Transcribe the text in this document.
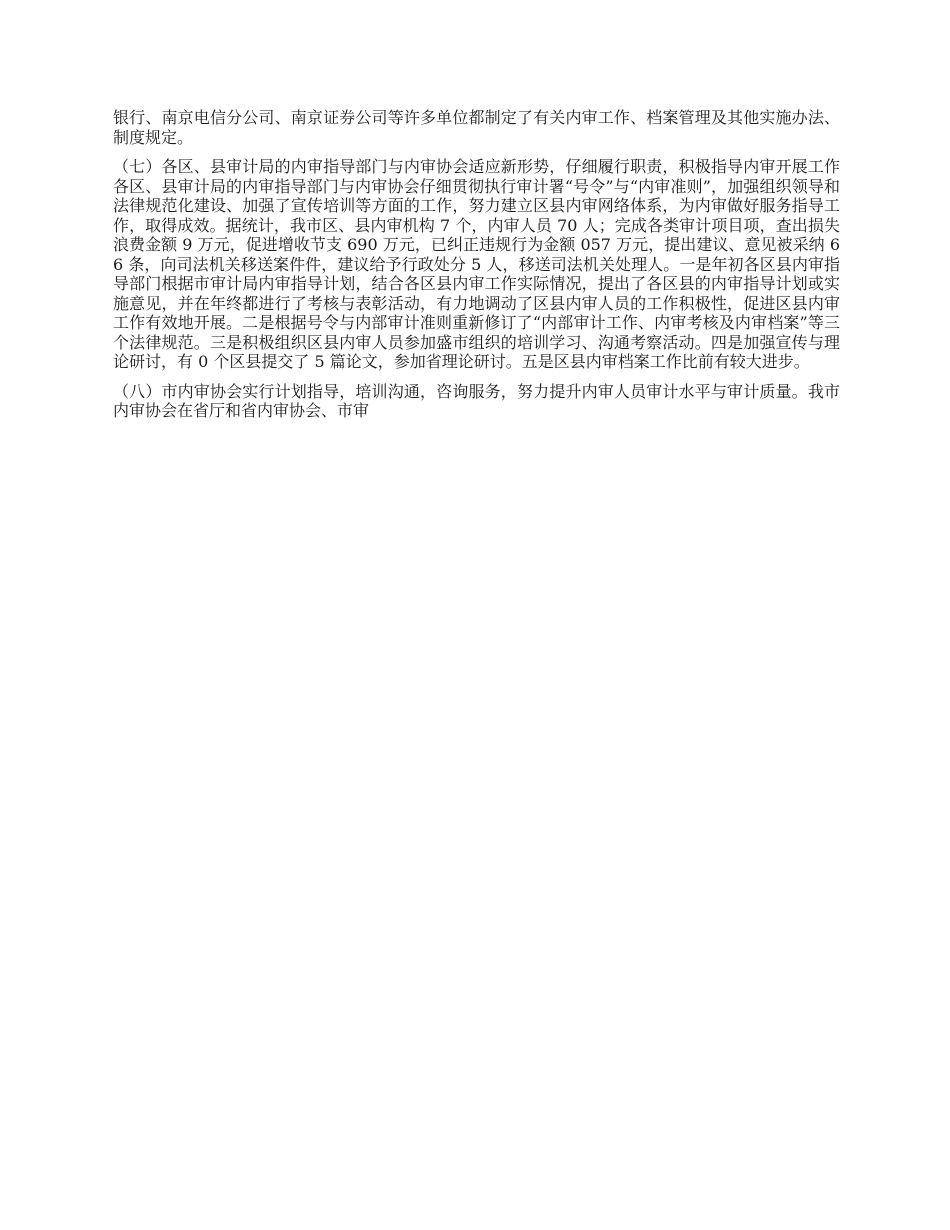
银行、南京电信分公司、南京证券公司等许多单位都制定了有关内审工作、档案管理及其他实施办法、制度规定。

（七）各区、县审计局的内审指导部门与内审协会适应新形势，仔细履行职责，积极指导内审开展工作各区、县审计局的内审指导部门与内审协会仔细贯彻执行审计署“号令”与“内审准则”，加强组织领导和法律规范化建设、加强了宣传培训等方面的工作，努力建立区县内审网络体系，为内审做好服务指导工作，取得成效。据统计，我市区、县内审机构 7 个，内审人员 70 人；完成各类审计项目项，查出损失浪费金额 9 万元，促进增收节支 690 万元，已纠正违规行为金额 057 万元，提出建议、意见被采纳 66 条，向司法机关移送案件件，建议给予行政处分 5 人，移送司法机关处理人。一是年初各区县内审指导部门根据市审计局内审指导计划，结合各区县内审工作实际情况，提出了各区县的内审指导计划或实施意见，并在年终都进行了考核与表彰活动，有力地调动了区县内审人员的工作积极性，促进区县内审工作有效地开展。二是根据号令与内部审计准则重新修订了“内部审计工作、内审考核及内审档案”等三个法律规范。三是积极组织区县内审人员参加盛市组织的培训学习、沟通考察活动。四是加强宣传与理论研讨，有 0 个区县提交了 5 篇论文，参加省理论研讨。五是区县内审档案工作比前有较大进步。

（八）市内审协会实行计划指导，培训沟通，咨询服务，努力提升内审人员审计水平与审计质量。我市内审协会在省厅和省内审协会、市审
